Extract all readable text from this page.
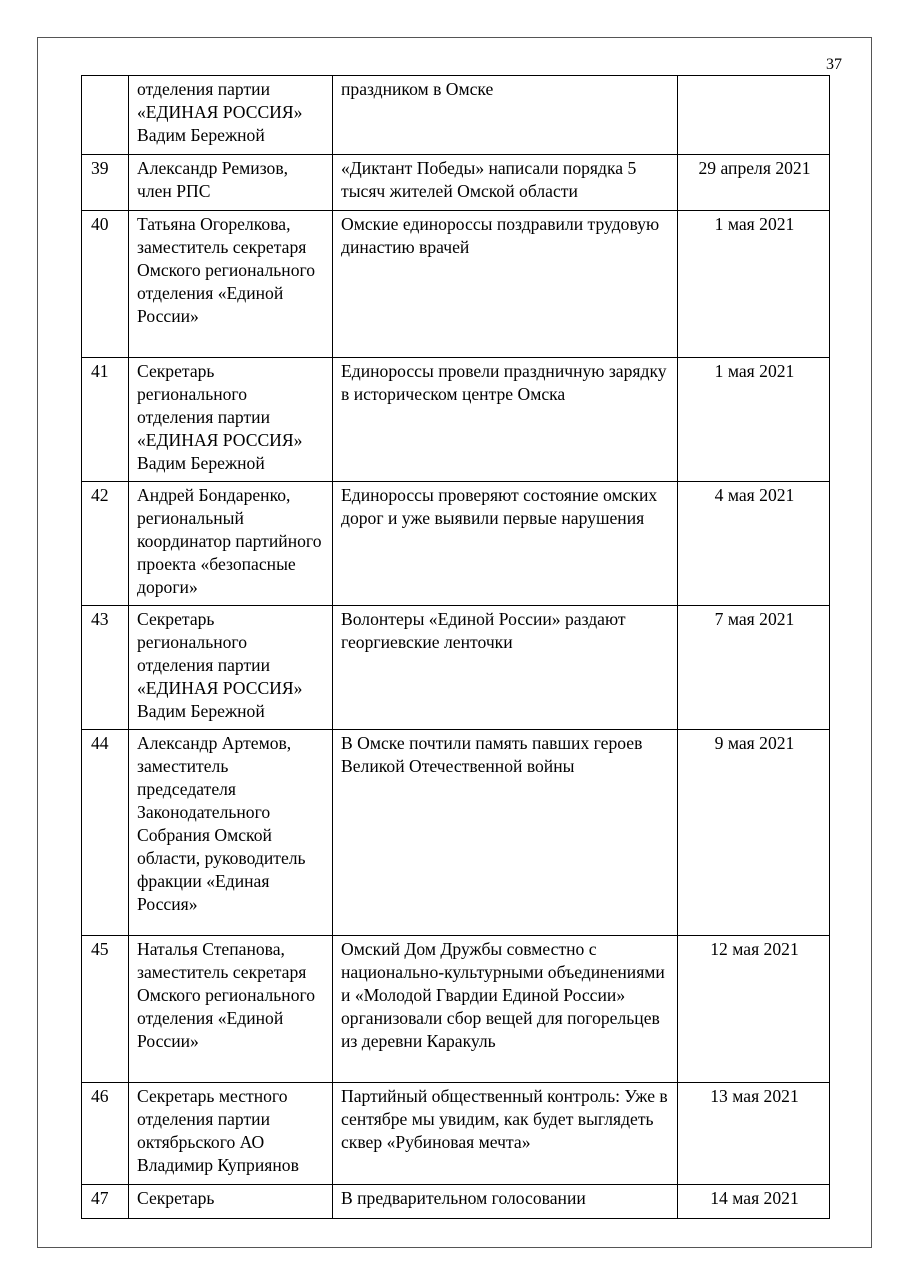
37
	отделения партии «ЕДИНАЯ РОССИЯ» Вадим Бережной	праздником в Омске	
39	Александр Ремизов, член РПС	«Диктант Победы» написали порядка 5 тысяч жителей Омской области	29 апреля 2021
40	Татьяна Огорелкова, заместитель секретаря Омского регионального отделения «Единой России»	Омские единороссы поздравили трудовую династию врачей	1 мая 2021
41	Секретарь регионального отделения партии «ЕДИНАЯ РОССИЯ» Вадим Бережной	Единороссы провели праздничную зарядку в историческом центре Омска	1 мая 2021
42	Андрей Бондаренко, региональный координатор партийного проекта «безопасные дороги»	Единороссы проверяют состояние омских дорог и уже выявили первые нарушения	4 мая 2021
43	Секретарь регионального отделения партии «ЕДИНАЯ РОССИЯ» Вадим Бережной	Волонтеры «Единой России» раздают георгиевские ленточки	7 мая 2021
44	Александр Артемов, заместитель председателя Законодательного Собрания Омской области, руководитель фракции «Единая Россия»	В Омске почтили память павших героев Великой Отечественной войны	9 мая 2021
45	Наталья Степанова, заместитель секретаря Омского регионального отделения «Единой России»	Омский Дом Дружбы совместно с национально-культурными объединениями и «Молодой Гвардии Единой России» организовали сбор вещей для погорельцев из деревни Каракуль	12 мая 2021
46	Секретарь местного отделения партии октябрьского АО Владимир Куприянов	Партийный общественный контроль: Уже в сентябре мы увидим, как будет выглядеть сквер «Рубиновая мечта»	13 мая 2021
47	Секретарь	В предварительном голосовании	14 мая 2021
